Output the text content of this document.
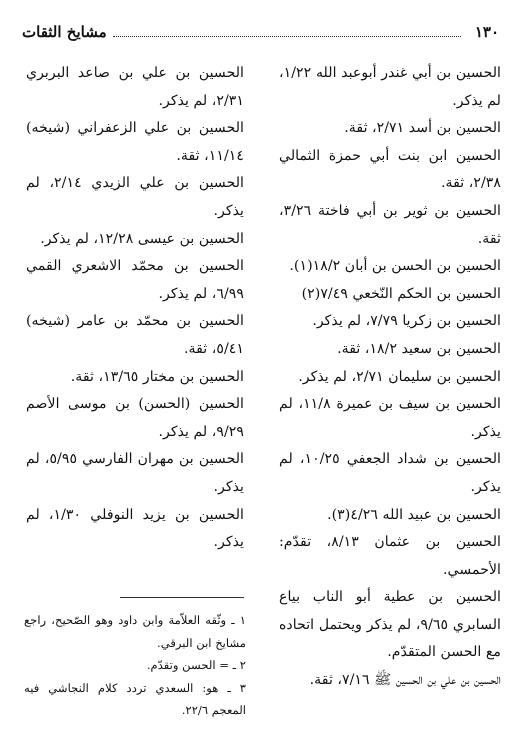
١٣٠
مشايخ الثقات

الحسين بن أبي غندر أبوعبد الله ١/٢٢، لم يذكر.

الحسين بن أسد ٢/٧١، ثقة.

الحسين ابن بنت أبي حمزة الثمالي ٢/٣٨، ثقة.

الحسين بن ثوير بن أبي فاختة ٣/٢٦، ثقة.

الحسين بن الحسن بن أبان ١٨/٢(١).

الحسين بن الحكم النّخعي ٧/٤٩(٢)

الحسين بن زكريا ٧/٧٩، لم يذكر.

الحسين بن سعيد ١٨/٢، ثقة.

الحسين بن سليمان ٢/٧١، لم يذكر.

الحسين بن سيف بن عميرة ١١/٨، لم يذكر.

الحسين بن شداد الجعفي ١٠/٢٥، لم يذكر.

الحسين بن عبيد الله ٤/٢٦(٣).

الحسين بن عثمان ٨/١٣، تقدّم: الأحمسي.

الحسين بن عطية أبو الناب بياع السابري ٩/٦٥، لم يذكر ويحتمل اتحاده مع الحسن المتقدّم.

الحسين بن علي بن الحسين ﷺ ٧/١٦، ثقة.

الحسين بن علي بن صاعد البربري ٢/٣١، لم يذكر.

الحسين بن علي الزعفراني (شيخه) ١١/١٤، ثقة.

الحسين بن علي الزيدي ٢/١٤، لم يذكر.

الحسين بن عيسى ١٢/٢٨، لم يذكر.

الحسين بن محمّد الاشعري القمي ٦/٩٩، لم يذكر.

الحسين بن محمّد بن عامر (شيخه) ٥/٤١، ثقة.

الحسين بن مختار ١٣/٦٥، ثقة.

الحسين (الحسن) بن موسى الأصم ٩/٢٩، لم يذكر.

الحسين بن مهران الفارسي ٥/٩٥، لم يذكر.

الحسين بن يزيد النوفلي ١/٣٠، لم يذكر.

١ ـ وثّقه العلاّمة وابن داود وهو الصّحيح، راجع مشايخ ابن البرقي.

٢ ـ = الحسن وتقدّم.

٣ ـ هو: السعدي تردد كلام النجاشي فيه المعجم ٢٢/٦.
